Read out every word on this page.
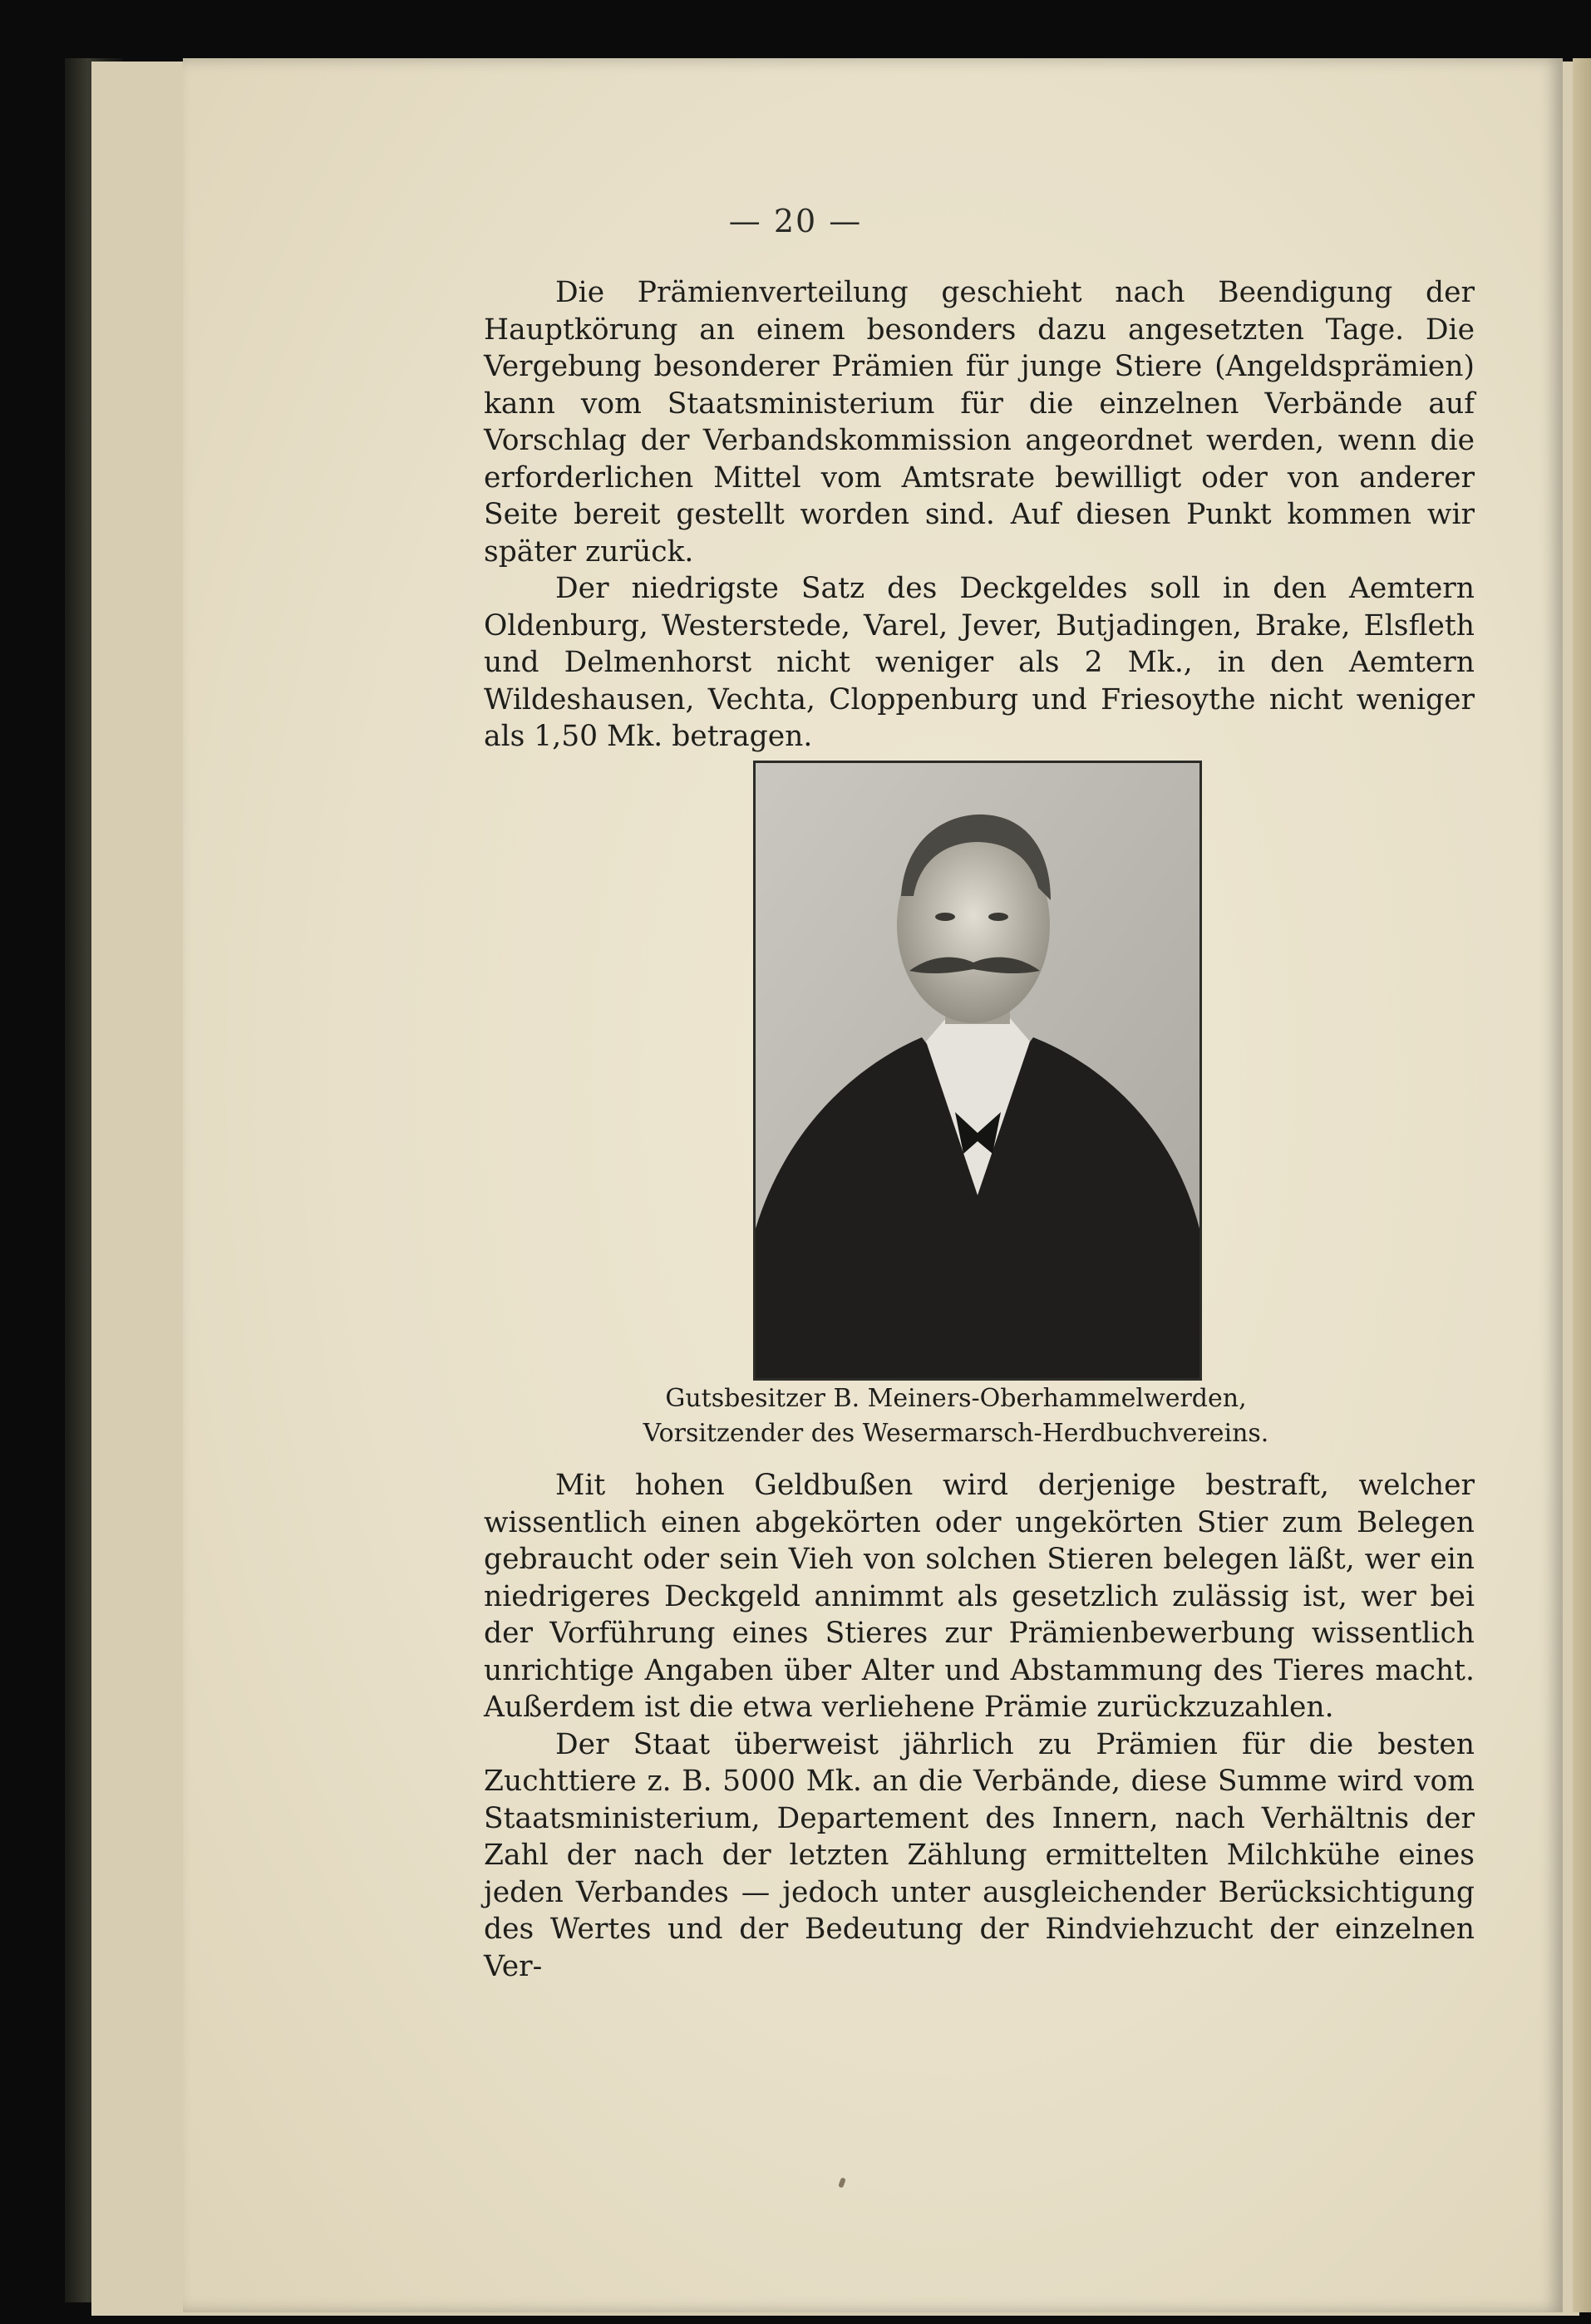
— 20 —

Die Prämienverteilung geschieht nach Beendigung der Hauptkörung an einem besonders dazu angesetzten Tage. Die Vergebung besonderer Prämien für junge Stiere (Angeldsprämien) kann vom Staatsministerium für die einzelnen Verbände auf Vorschlag der Verbandskommission angeordnet werden, wenn die erforderlichen Mittel vom Amtsrate bewilligt oder von anderer Seite bereit gestellt worden sind. Auf diesen Punkt kommen wir später zurück.

Der niedrigste Satz des Deckgeldes soll in den Aemtern Oldenburg, Westerstede, Varel, Jever, Butjadingen, Brake, Elsfleth und Delmenhorst nicht weniger als 2 Mk., in den Aemtern Wildeshausen, Vechta, Cloppenburg und Friesoythe nicht weniger als 1,50 Mk. betragen.

Gutsbesitzer B. Meiners-Oberhammelwerden,
Vorsitzender des Wesermarsch-Herdbuchvereins.

Mit hohen Geldbußen wird derjenige bestraft, welcher wissentlich einen abgekörten oder ungekörten Stier zum Belegen gebraucht oder sein Vieh von solchen Stieren belegen läßt, wer ein niedrigeres Deckgeld annimmt als gesetzlich zulässig ist, wer bei der Vorführung eines Stieres zur Prämienbewerbung wissentlich unrichtige Angaben über Alter und Abstammung des Tieres macht. Außerdem ist die etwa verliehene Prämie zurückzuzahlen.

Der Staat überweist jährlich zu Prämien für die besten Zuchttiere z. B. 5000 Mk. an die Verbände, diese Summe wird vom Staatsministerium, Departement des Innern, nach Verhältnis der Zahl der nach der letzten Zählung ermittelten Milchkühe eines jeden Verbandes — jedoch unter ausgleichender Berücksichtigung des Wertes und der Bedeutung der Rindviehzucht der einzelnen Ver-
